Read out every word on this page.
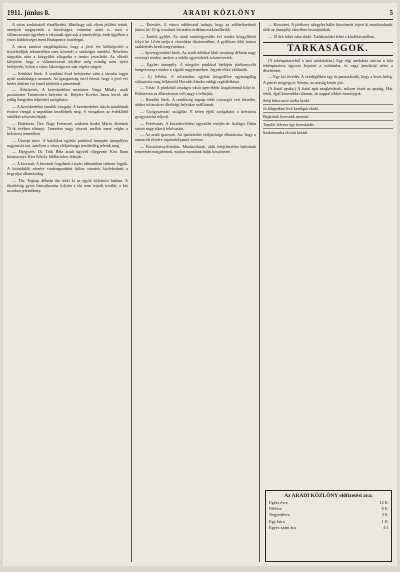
1911. június 8.	ARADI KÖZLÖNY	5

A váras szokásairól elmélkedett. Minthogy sok olyan jelölést tettek, amelyek megnyerték a bizottságot, valamint azért is, mert a villamosvasút ügyében a városnak igen sok a tennivalója, ezek ügyében a város küldöttséget ment Budapestre tisztelegni.

A város tanácsa megállapította, hogy a jövő évi költségvetés a tiszteletdíjak tekintetében nem követeli a szükséges emelést. Részletes tárgyalás után a közgyűlés elfogadta a tanács javaslatát. Az előadó kifejtette, hogy a villamosvasút kérdése még mindig nem nyert befejezést, holott a város lakossága ezt már régóta sürgeti.

— Színházi hírek. A színházi évad befejezése után a társulat tagjai nyári szabadságra mennek. Az igazgatóság arról értesít, hogy a jövő évi bérlet aláírási íve ismét kitétetik a pénztárnál.

— Áthelyezés. A kereskedelmi miniszter Varga Mihály aradi postatisztet Temesvárra helyezte át. Helyére Kovács János kerül, aki eddig Szegeden teljesített szolgálatot.

— A kereskedelmi tanulók vizsgája. A kereskedelmi iskola tanulóinak évzáró vizsgái a napokban kezdődnek meg. A vizsgákon az érdeklődő szülőket szívesen látják.

— Halálozás. Özv. Nagy Ferencné, született Szabó Mária, életének 72-ik évében elhunyt. Temetése nagy részvét mellett ment végbe a belvárosi temetőben.

— Ünnepi mise. A katolikus egyház pünkösd ünnepén ünnepélyes nagymisét tart, amelyen a város elöljárósága testületileg jelenik meg.

— Eljegyzés. Dr. Tóth Béla aradi ügyvéd eljegyezte Kiss Ilona kisasszonyt, Kiss Károly földbirtokos leányát.

— A kisvasút. A kisvasút forgalmát a nyári időszakban sűríteni fogják. A kirándulók részére vasárnaponként külön vonatok közlekednek a hegyaljai állomásokig.

— Tűz. Tegnap délután tűz ütött ki az egyik külvárosi házban. A tűzoltóság gyors beavatkozása folytán a tűz nem terjedt tovább, a kár azonban jelentékeny.

— Értesítés. A városi adóhivatal tudatja, hogy az adóbefizetések június hó 15-ig a szokott hivatalos órákban eszközölhetők.

— Tanítói gyűlés. Az aradi tanítóegyesület évi rendes közgyűlését folyó hó 12-én tartja a városháza dísztermében. A gyűlésen több fontos szakkérdés kerül megvitatásra.

— Sportegyesületi hírek. Az aradi atlétikai klub vasárnap délután nagy versenyt rendez, melyre a vidéki egyesületek is beneveztek.

— Egyleti ünnepély. A nőegylet pünkösd hétfőjén jótékonycélú hangversenyt rendez a vigadó nagytermében. Jegyek előre válthatók.

— Uj lelkész. A református egyház közgyűlése egyhangúlag választotta meg lelkészéül Horváth Sándor eddigi segédlelkészt.

— Vásár. A pünkösdi országos vásár igen élénk forgalommal folyt le. Különösen az állatvásáron volt nagy a felhajtás.

— Rendőri hírek. A rendőrség tegnap több csavargót vett őrizetbe, akiket toloncúton illetőségi helyükre szállítanak.

— Gyógyszertári szolgálat. E héten éjjeli szolgálatot a belvárosi gyógyszertár teljesít.

— Felolvasás. A közművelődési egyesület estéjén dr. Szilágyi Ödön tartott nagy sikerű felolvasást.

— Az aradi iparosok. Az ipartestület elöljárósága elhatározta, hogy a tanoncok részére rajztanfolyamot szervez.

— Köszönetnyilvánítás. Mindazoknak, akik felejthetetlen halottunk temetésén megjelentek, ezúton mondunk hálás köszönetet.

— Köszönet. A jótékony nőegylet hálás köszönetét fejezi ki mindazoknak, akik az ünnepély sikeréhez hozzájárultak.

— 10 drb fehér ruha eladó. Tudakozódni lehet a kiadóhivatalban.

TARKASÁGOK.

(A tehénpásztorból a mai színházban.) Egy régi anekdota szerint a falu tehénpásztora egyszer bejutott a színházba, és nagy ámulattal nézte a díszleteket.

— Egy kis tévedés. A vendéglőben egy úr panaszkodik, hogy a leves hideg. A pincér megjegyzi: Kérem, az uraság későn jött.

(A fiatal apuka.) A fiatal apát megkérdezik, milyen érzés az apaság. Hát, feleli, éjjel kevesebbet alszom, de nappal többet mosolygok.

Szép bútorozott szoba kiadó.

Jó állapotban levő kerékpár eladó.

Bejárónőt keresnek azonnal.

Tanulót felvesz egy kereskedés.

Szabómunka olcsón készül.

Az ARADI KÖZLÖNY előfizetési ára:
Egész évre	12 K
Félévre	6 K
Negyedévre	3 K
Egy hóra	1 K
Egyes szám ára	4 f
